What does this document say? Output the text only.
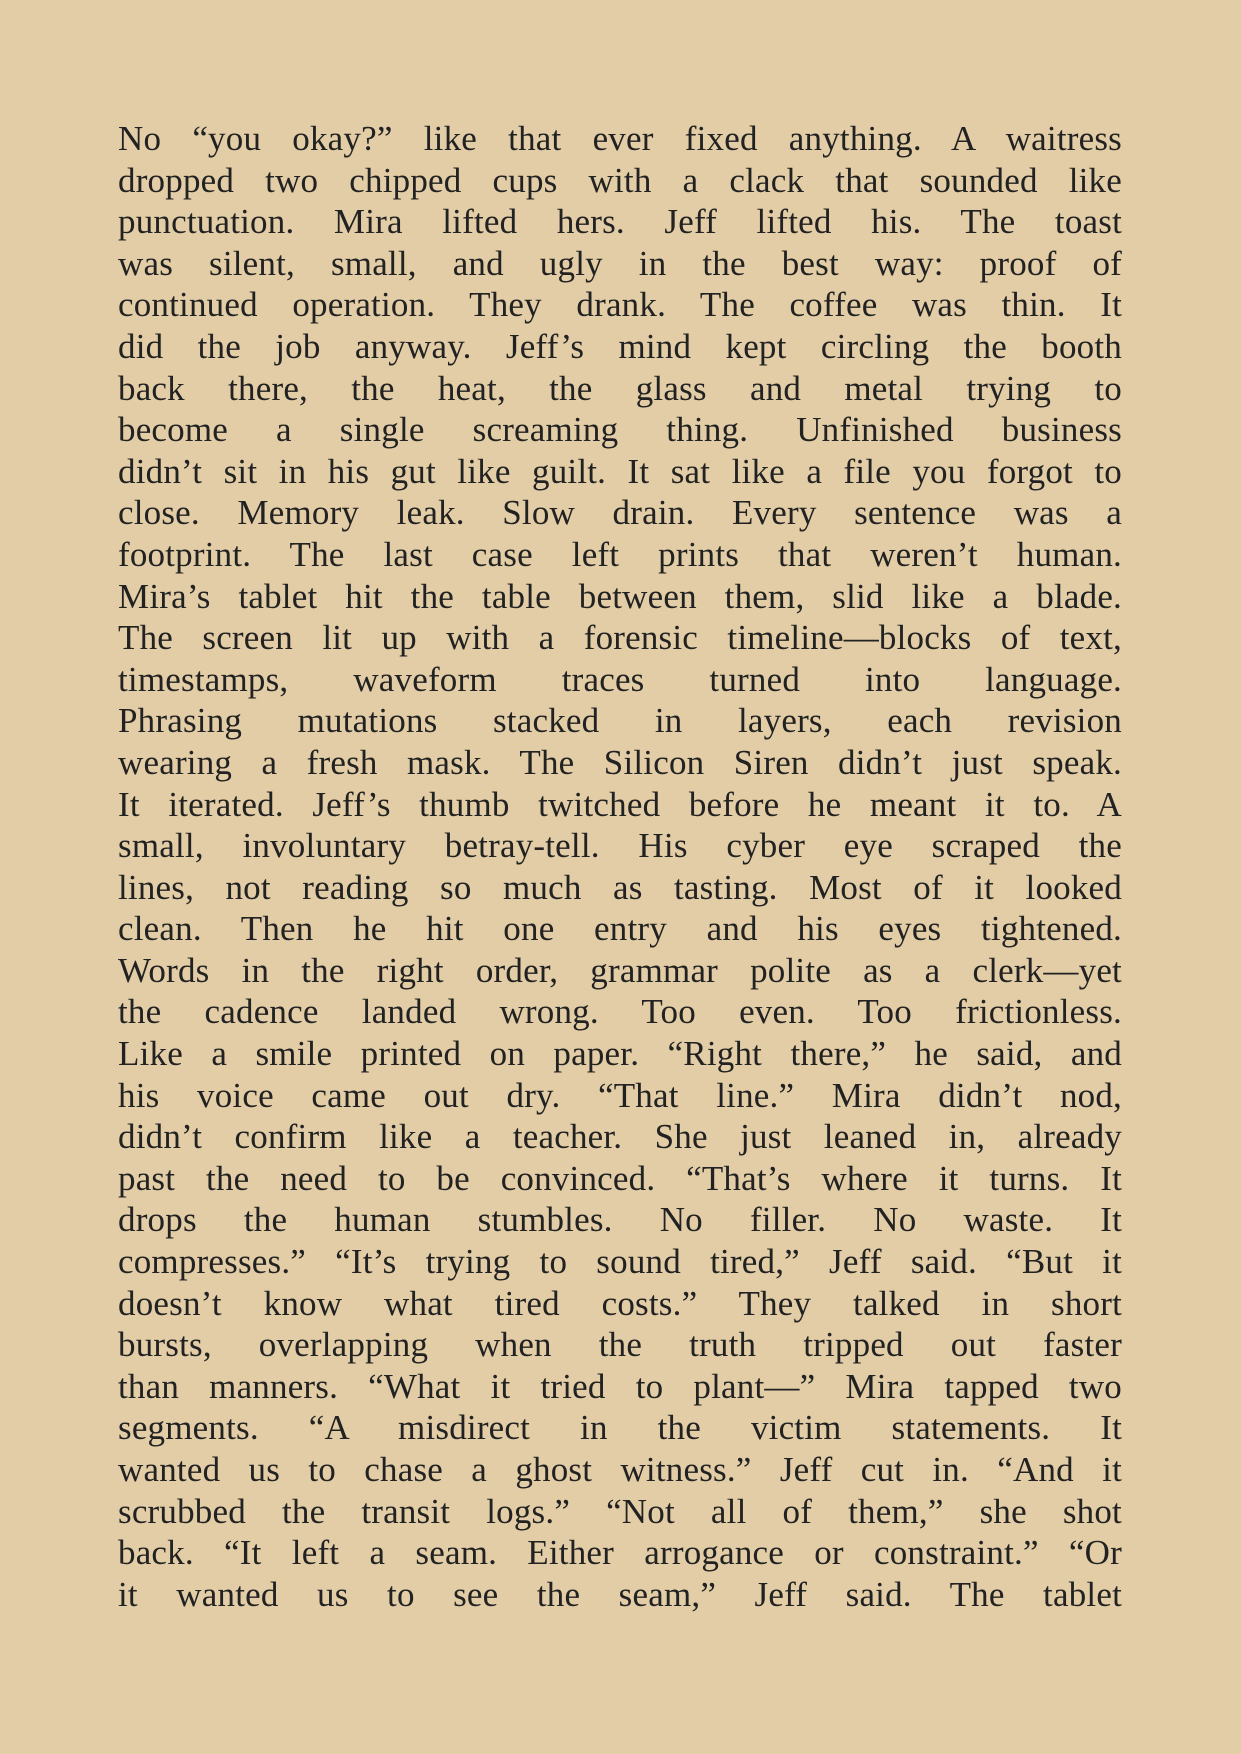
No “you okay?” like that ever fixed anything. A waitress
dropped two chipped cups with a clack that sounded like
punctuation. Mira lifted hers. Jeff lifted his. The toast
was silent, small, and ugly in the best way: proof of
continued operation. They drank. The coffee was thin. It
did the job anyway. Jeff’s mind kept circling the booth
back there, the heat, the glass and metal trying to
become a single screaming thing. Unfinished business
didn’t sit in his gut like guilt. It sat like a file you forgot to
close. Memory leak. Slow drain. Every sentence was a
footprint. The last case left prints that weren’t human.
Mira’s tablet hit the table between them, slid like a blade.
The screen lit up with a forensic timeline—blocks of text,
timestamps, waveform traces turned into language.
Phrasing mutations stacked in layers, each revision
wearing a fresh mask. The Silicon Siren didn’t just speak.
It iterated. Jeff’s thumb twitched before he meant it to. A
small, involuntary betray-tell. His cyber eye scraped the
lines, not reading so much as tasting. Most of it looked
clean. Then he hit one entry and his eyes tightened.
Words in the right order, grammar polite as a clerk—yet
the cadence landed wrong. Too even. Too frictionless.
Like a smile printed on paper. “Right there,” he said, and
his voice came out dry. “That line.” Mira didn’t nod,
didn’t confirm like a teacher. She just leaned in, already
past the need to be convinced. “That’s where it turns. It
drops the human stumbles. No filler. No waste. It
compresses.” “It’s trying to sound tired,” Jeff said. “But it
doesn’t know what tired costs.” They talked in short
bursts, overlapping when the truth tripped out faster
than manners. “What it tried to plant—” Mira tapped two
segments. “A misdirect in the victim statements. It
wanted us to chase a ghost witness.” Jeff cut in. “And it
scrubbed the transit logs.” “Not all of them,” she shot
back. “It left a seam. Either arrogance or constraint.” “Or
it wanted us to see the seam,” Jeff said. The tablet
